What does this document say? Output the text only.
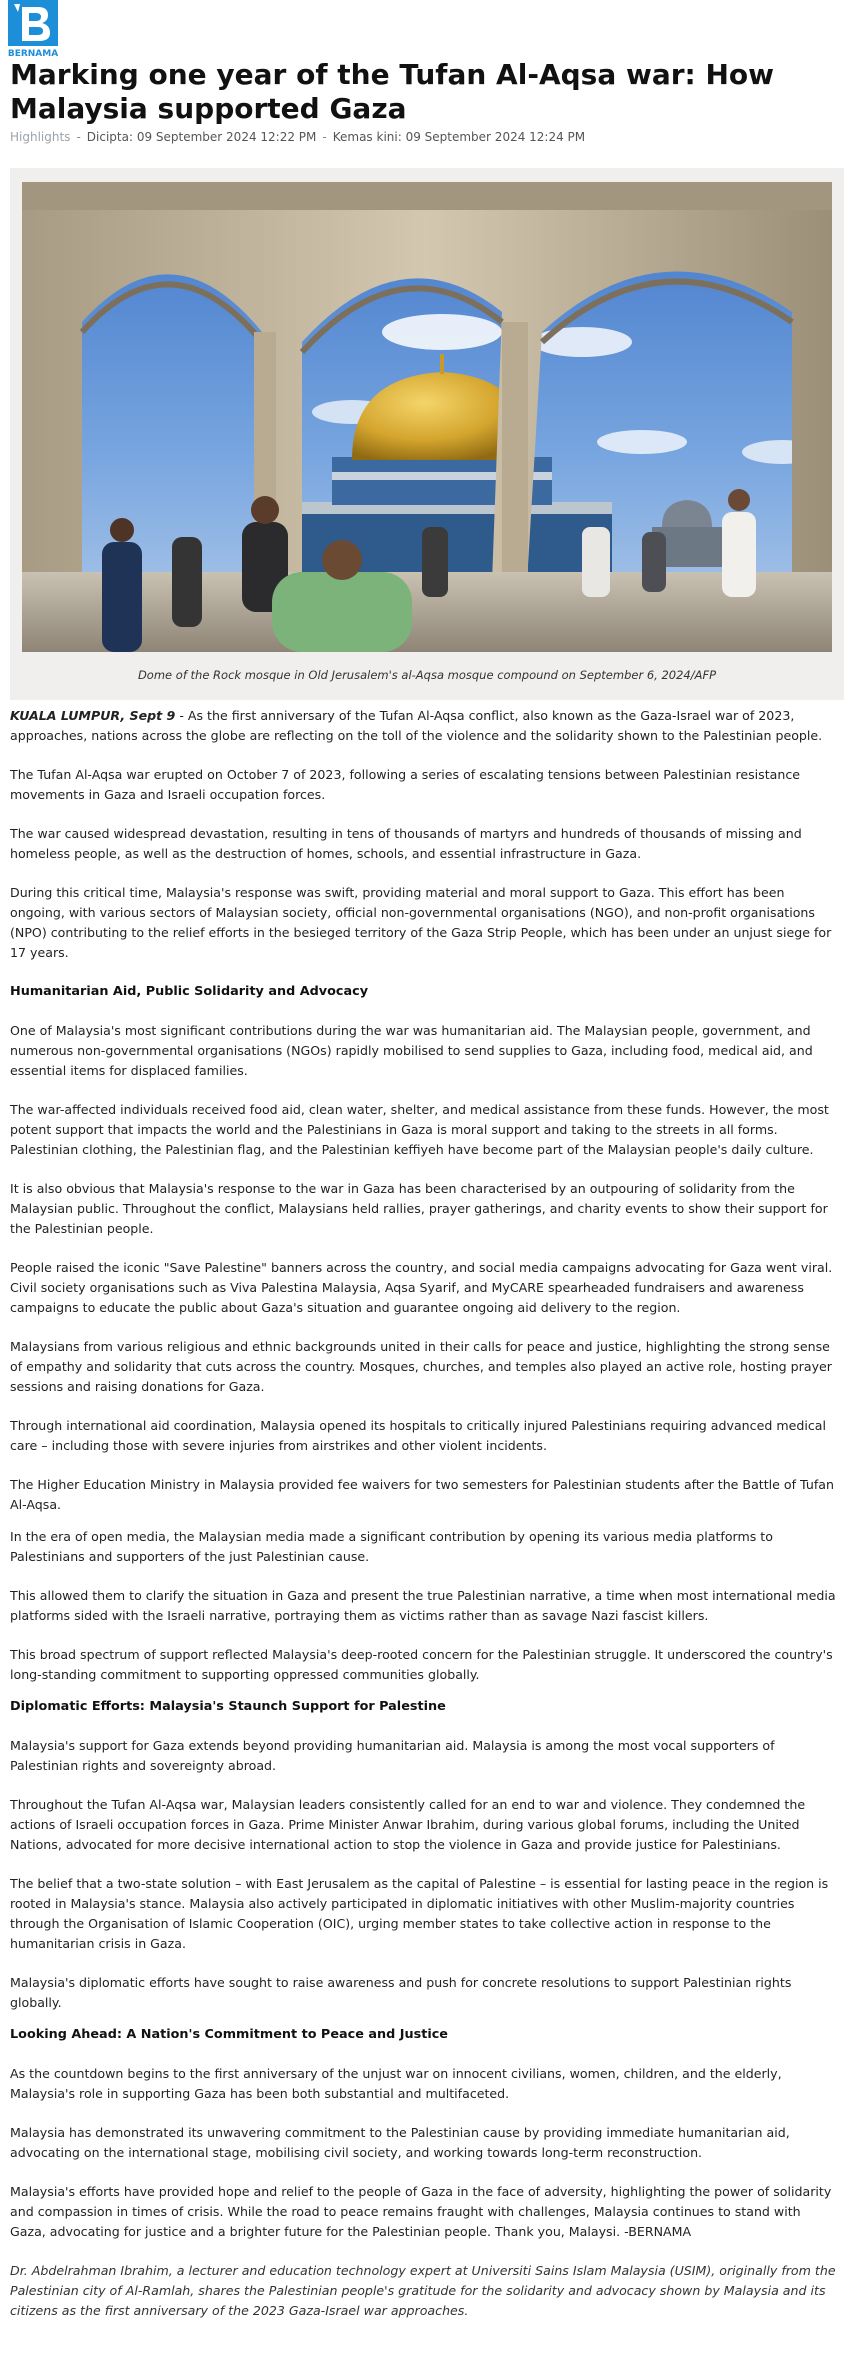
BERNAMA
Marking one year of the Tufan Al-Aqsa war: How Malaysia supported Gaza
Highlights - Dicipta: 09 September 2024 12:22 PM - Kemas kini: 09 September 2024 12:24 PM
Dome of the Rock mosque in Old Jerusalem's al-Aqsa mosque compound on September 6, 2024/AFP

KUALA LUMPUR, Sept 9 - As the first anniversary of the Tufan Al-Aqsa conflict, also known as the Gaza-Israel war of 2023, approaches, nations across the globe are reflecting on the toll of the violence and the solidarity shown to the Palestinian people.

The Tufan Al-Aqsa war erupted on October 7 of 2023, following a series of escalating tensions between Palestinian resistance movements in Gaza and Israeli occupation forces.

The war caused widespread devastation, resulting in tens of thousands of martyrs and hundreds of thousands of missing and homeless people, as well as the destruction of homes, schools, and essential infrastructure in Gaza.

During this critical time, Malaysia's response was swift, providing material and moral support to Gaza. This effort has been ongoing, with various sectors of Malaysian society, official non-governmental organisations (NGO), and non-profit organisations (NPO) contributing to the relief efforts in the besieged territory of the Gaza Strip People, which has been under an unjust siege for 17 years.

Humanitarian Aid, Public Solidarity and Advocacy

One of Malaysia's most significant contributions during the war was humanitarian aid. The Malaysian people, government, and numerous non-governmental organisations (NGOs) rapidly mobilised to send supplies to Gaza, including food, medical aid, and essential items for displaced families.

The war-affected individuals received food aid, clean water, shelter, and medical assistance from these funds. However, the most potent support that impacts the world and the Palestinians in Gaza is moral support and taking to the streets in all forms. Palestinian clothing, the Palestinian flag, and the Palestinian keffiyeh have become part of the Malaysian people's daily culture.

It is also obvious that Malaysia's response to the war in Gaza has been characterised by an outpouring of solidarity from the Malaysian public. Throughout the conflict, Malaysians held rallies, prayer gatherings, and charity events to show their support for the Palestinian people.

People raised the iconic "Save Palestine" banners across the country, and social media campaigns advocating for Gaza went viral. Civil society organisations such as Viva Palestina Malaysia, Aqsa Syarif, and MyCARE spearheaded fundraisers and awareness campaigns to educate the public about Gaza's situation and guarantee ongoing aid delivery to the region.

Malaysians from various religious and ethnic backgrounds united in their calls for peace and justice, highlighting the strong sense of empathy and solidarity that cuts across the country. Mosques, churches, and temples also played an active role, hosting prayer sessions and raising donations for Gaza.

Through international aid coordination, Malaysia opened its hospitals to critically injured Palestinians requiring advanced medical care – including those with severe injuries from airstrikes and other violent incidents.

The Higher Education Ministry in Malaysia provided fee waivers for two semesters for Palestinian students after the Battle of Tufan Al-Aqsa.

In the era of open media, the Malaysian media made a significant contribution by opening its various media platforms to Palestinians and supporters of the just Palestinian cause.

This allowed them to clarify the situation in Gaza and present the true Palestinian narrative, a time when most international media platforms sided with the Israeli narrative, portraying them as victims rather than as savage Nazi fascist killers.

This broad spectrum of support reflected Malaysia's deep-rooted concern for the Palestinian struggle. It underscored the country's long-standing commitment to supporting oppressed communities globally.

Diplomatic Efforts: Malaysia's Staunch Support for Palestine

Malaysia's support for Gaza extends beyond providing humanitarian aid. Malaysia is among the most vocal supporters of Palestinian rights and sovereignty abroad.

Throughout the Tufan Al-Aqsa war, Malaysian leaders consistently called for an end to war and violence. They condemned the actions of Israeli occupation forces in Gaza. Prime Minister Anwar Ibrahim, during various global forums, including the United Nations, advocated for more decisive international action to stop the violence in Gaza and provide justice for Palestinians.

The belief that a two-state solution – with East Jerusalem as the capital of Palestine – is essential for lasting peace in the region is rooted in Malaysia's stance. Malaysia also actively participated in diplomatic initiatives with other Muslim-majority countries through the Organisation of Islamic Cooperation (OIC), urging member states to take collective action in response to the humanitarian crisis in Gaza.

Malaysia's diplomatic efforts have sought to raise awareness and push for concrete resolutions to support Palestinian rights globally.

Looking Ahead: A Nation's Commitment to Peace and Justice

As the countdown begins to the first anniversary of the unjust war on innocent civilians, women, children, and the elderly, Malaysia's role in supporting Gaza has been both substantial and multifaceted.

Malaysia has demonstrated its unwavering commitment to the Palestinian cause by providing immediate humanitarian aid, advocating on the international stage, mobilising civil society, and working towards long-term reconstruction.

Malaysia's efforts have provided hope and relief to the people of Gaza in the face of adversity, highlighting the power of solidarity and compassion in times of crisis. While the road to peace remains fraught with challenges, Malaysia continues to stand with Gaza, advocating for justice and a brighter future for the Palestinian people. Thank you, Malaysi. -BERNAMA

Dr. Abdelrahman Ibrahim, a lecturer and education technology expert at Universiti Sains Islam Malaysia (USIM), originally from the Palestinian city of Al-Ramlah, shares the Palestinian people's gratitude for the solidarity and advocacy shown by Malaysia and its citizens as the first anniversary of the 2023 Gaza-Israel war approaches.
